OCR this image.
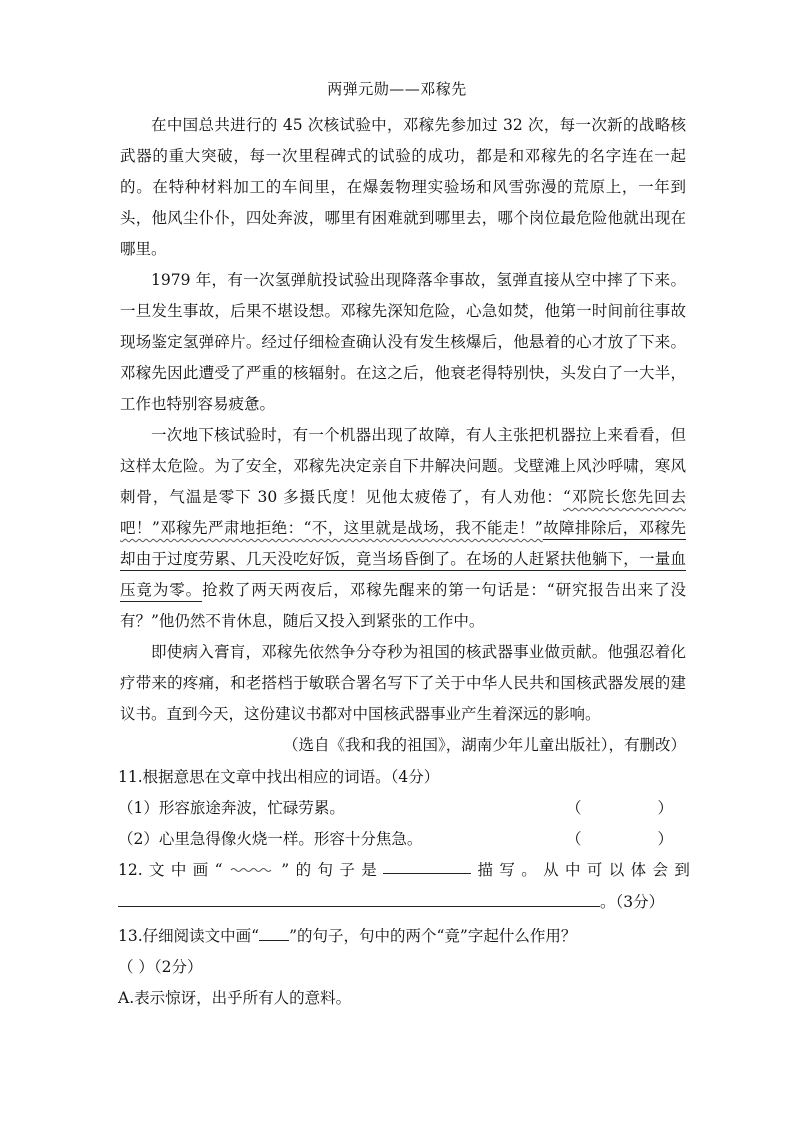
两弹元勋——邓稼先

在中国总共进行的 45 次核试验中，邓稼先参加过 32 次，每一次新的战略核武器的重大突破，每一次里程碑式的试验的成功，都是和邓稼先的名字连在一起的。在特种材料加工的车间里，在爆轰物理实验场和风雪弥漫的荒原上，一年到头，他风尘仆仆，四处奔波，哪里有困难就到哪里去，哪个岗位最危险他就出现在哪里。

1979 年，有一次氢弹航投试验出现降落伞事故，氢弹直接从空中摔了下来。一旦发生事故，后果不堪设想。邓稼先深知危险，心急如焚，他第一时间前往事故现场鉴定氢弹碎片。经过仔细检查确认没有发生核爆后，他悬着的心才放了下来。邓稼先因此遭受了严重的核辐射。在这之后，他衰老得特别快，头发白了一大半，工作也特别容易疲惫。

一次地下核试验时，有一个机器出现了故障，有人主张把机器拉上来看看，但这样太危险。为了安全，邓稼先决定亲自下井解决问题。戈壁滩上风沙呼啸，寒风刺骨，气温是零下 30 多摄氏度！见他太疲倦了，有人劝他：“邓院长您先回去吧！”邓稼先严肃地拒绝：“不，这里就是战场，我不能走！”故障排除后，邓稼先却由于过度劳累、几天没吃好饭，竟当场昏倒了。在场的人赶紧扶他躺下，一量血压竟为零。抢救了两天两夜后，邓稼先醒来的第一句话是：“研究报告出来了没有？”他仍然不肯休息，随后又投入到紧张的工作中。

即使病入膏肓，邓稼先依然争分夺秒为祖国的核武器事业做贡献。他强忍着化疗带来的疼痛，和老搭档于敏联合署名写下了关于中华人民共和国核武器发展的建议书。直到今天，这份建议书都对中国核武器事业产生着深远的影响。

（选自《我和我的祖国》，湖南少年儿童出版社），有删改）

11.根据意思在文章中找出相应的词语。（4分）
（1）形容旅途奔波，忙碌劳累。	（	）
（2）心里急得像火烧一样。形容十分焦急。	（	）
12. 文 中 画 “	” 的 句 子 是	描 写 。 从 中 可 以 体 会 到
。（3分）
13.仔细阅读文中画“ ”的句子，句中的两个“竟”字起什么作用？
（ ）（2分）
A.表示惊讶，出乎所有人的意料。
